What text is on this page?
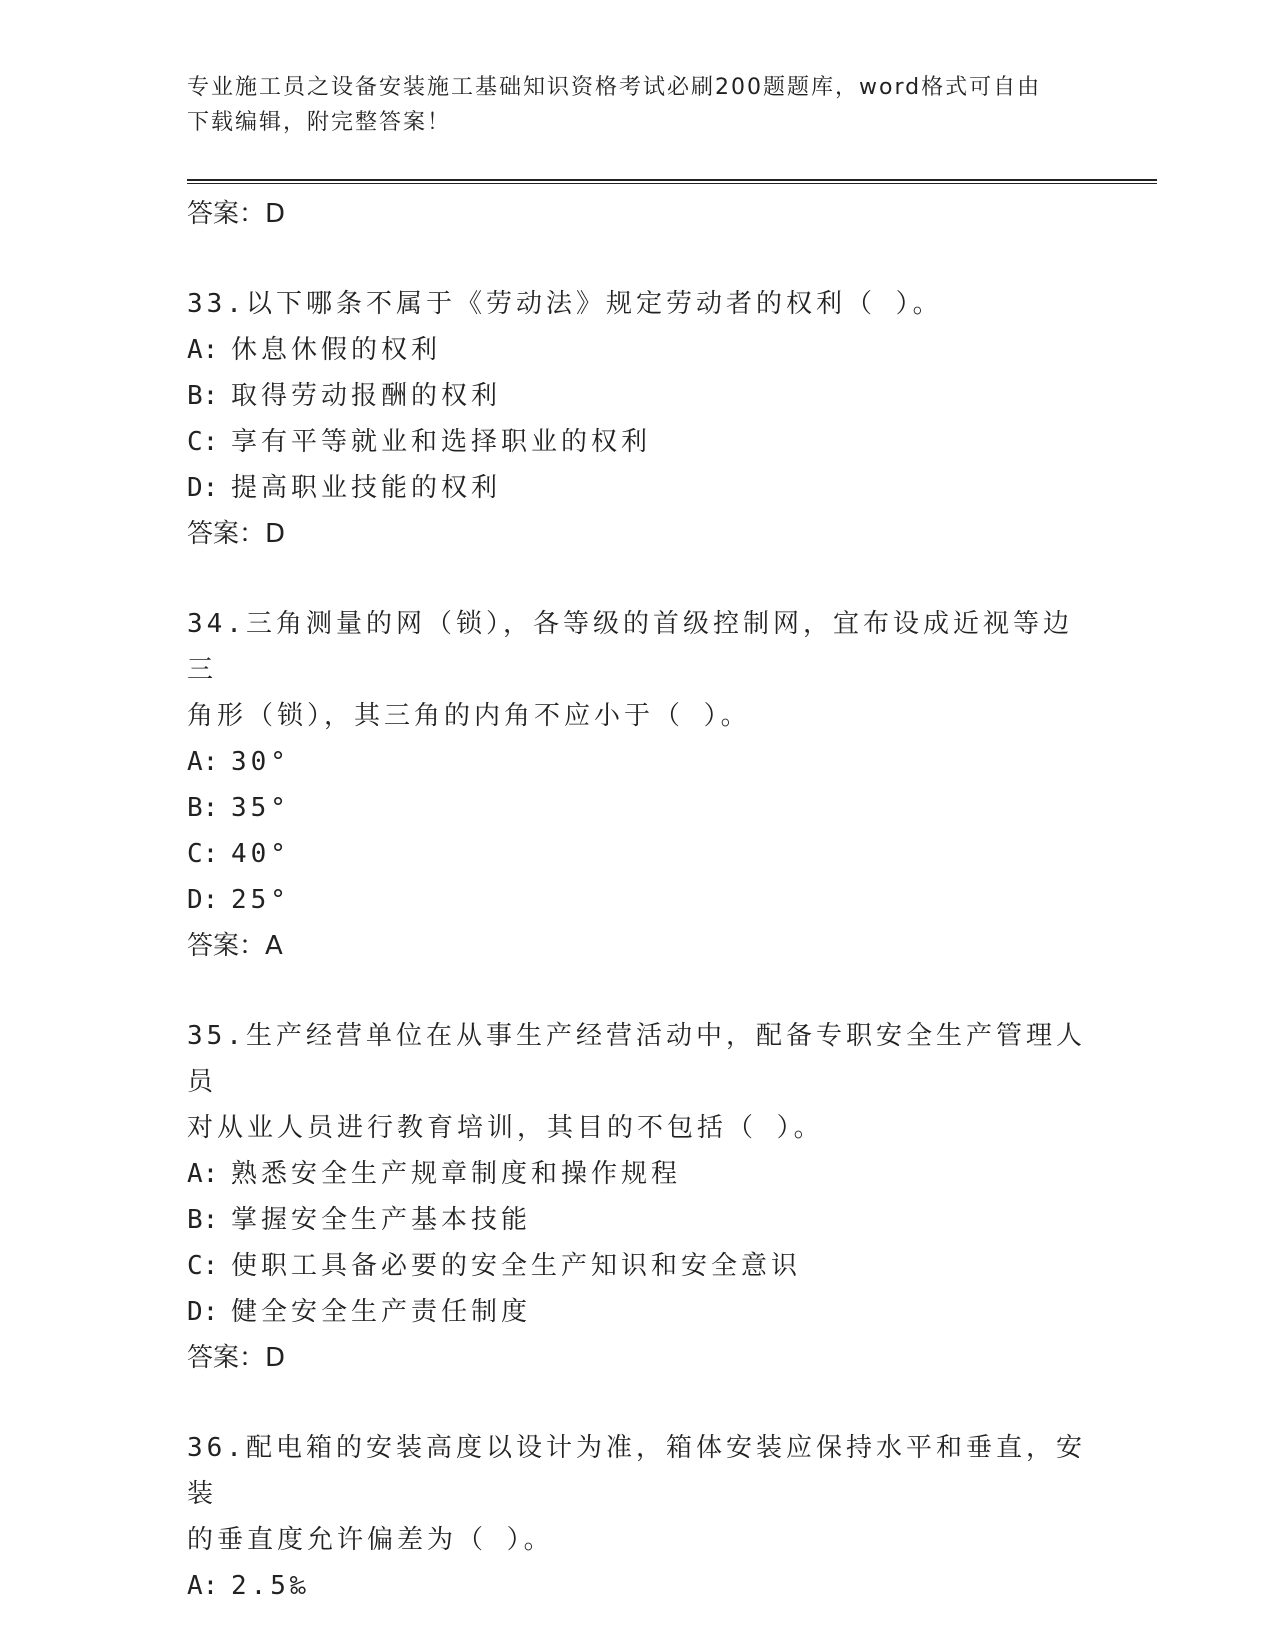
专业施工员之设备安装施工基础知识资格考试必刷200题题库，word格式可自由
下载编辑，附完整答案！
答案：D
33.以下哪条不属于《劳动法》规定劳动者的权利（ ）。
A: 休息休假的权利
B: 取得劳动报酬的权利
C: 享有平等就业和选择职业的权利
D: 提高职业技能的权利
答案：D
34.三角测量的网（锁），各等级的首级控制网，宜布设成近视等边三
角形（锁），其三角的内角不应小于（ ）。
A: 30°
B: 35°
C: 40°
D: 25°
答案：A
35.生产经营单位在从事生产经营活动中，配备专职安全生产管理人员
对从业人员进行教育培训，其目的不包括（ ）。
A: 熟悉安全生产规章制度和操作规程
B: 掌握安全生产基本技能
C: 使职工具备必要的安全生产知识和安全意识
D: 健全安全生产责任制度
答案：D
36.配电箱的安装高度以设计为准，箱体安装应保持水平和垂直，安装
的垂直度允许偏差为（ ）。
A: 2.5‰
